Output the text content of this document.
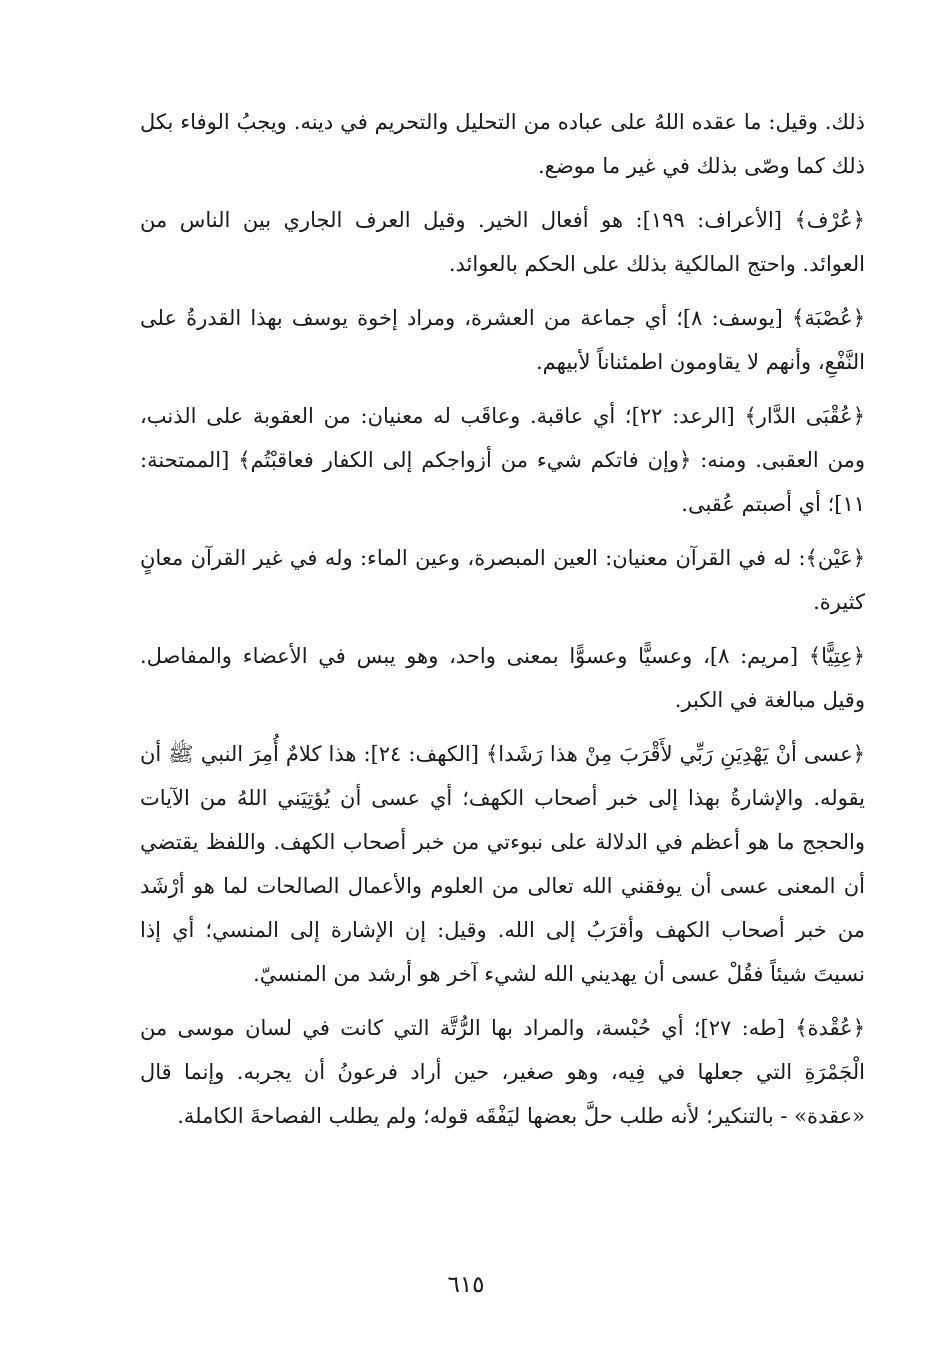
ذلك. وقيل: ما عقده اللهُ على عباده من التحليل والتحريم في دينه. ويجبُ الوفاء بكل ذلك كما وصّى بذلك في غير ما موضع.

﴿عُرْف﴾ [الأعراف: ١٩٩]: هو أفعال الخير. وقيل العرف الجاري بين الناس من العوائد. واحتج المالكية بذلك على الحكم بالعوائد.

﴿عُصْبَة﴾ [يوسف: ٨]؛ أي جماعة من العشرة، ومراد إخوة يوسف بهذا القدرةُ على النَّفْعِ، وأنهم لا يقاومون اطمئناناً لأبيهم.

﴿عُقْبَى الدَّار﴾ [الرعد: ٢٢]؛ أي عاقبة. وعاقَب له معنيان: من العقوبة على الذنب، ومن العقبى. ومنه: ﴿وإن فاتكم شيء من أزواجكم إلى الكفار فعاقبْتُم﴾ [الممتحنة: ١١]؛ أي أصبتم عُقبى.

﴿عَيْن﴾: له في القرآن معنيان: العين المبصرة، وعين الماء: وله في غير القرآن معانٍ كثيرة.

﴿عِتِيًّا﴾ [مريم: ٨]، وعسيًّا وعسوًّا بمعنى واحد، وهو يبس في الأعضاء والمفاصل. وقيل مبالغة في الكبر.

﴿عسى أنْ يَهْدِيَنِ رَبِّي لأَقْرَبَ مِنْ هذا رَشَدا﴾ [الكهف: ٢٤]: هذا كلامٌ أُمِرَ النبي ﷺ أن يقوله. والإشارةُ بهذا إلى خبر أصحاب الكهف؛ أي عسى أن يُؤتِيَني اللهُ من الآيات والحجج ما هو أعظم في الدلالة على نبوءتي من خبر أصحاب الكهف. واللفظ يقتضي أن المعنى عسى أن يوفقني الله تعالى من العلوم والأعمال الصالحات لما هو أرْشَد من خبر أصحاب الكهف وأقرَبُ إلى الله. وقيل: إن الإشارة إلى المنسي؛ أي إذا نسيتَ شيئاً فقُلْ عسى أن يهديني الله لشيء آخر هو أرشد من المنسيّ.

﴿عُقْدة﴾ [طه: ٢٧]؛ أي حُبْسة، والمراد بها الرُّتَّة التي كانت في لسان موسى من الْجَمْرَةِ التي جعلها في فِيه، وهو صغير، حين أراد فرعونُ أن يجربه. وإنما قال «عقدة» - بالتنكير؛ لأنه طلب حلَّ بعضها ليَفْقَه قوله؛ ولم يطلب الفصاحةَ الكاملة.

٦١٥
